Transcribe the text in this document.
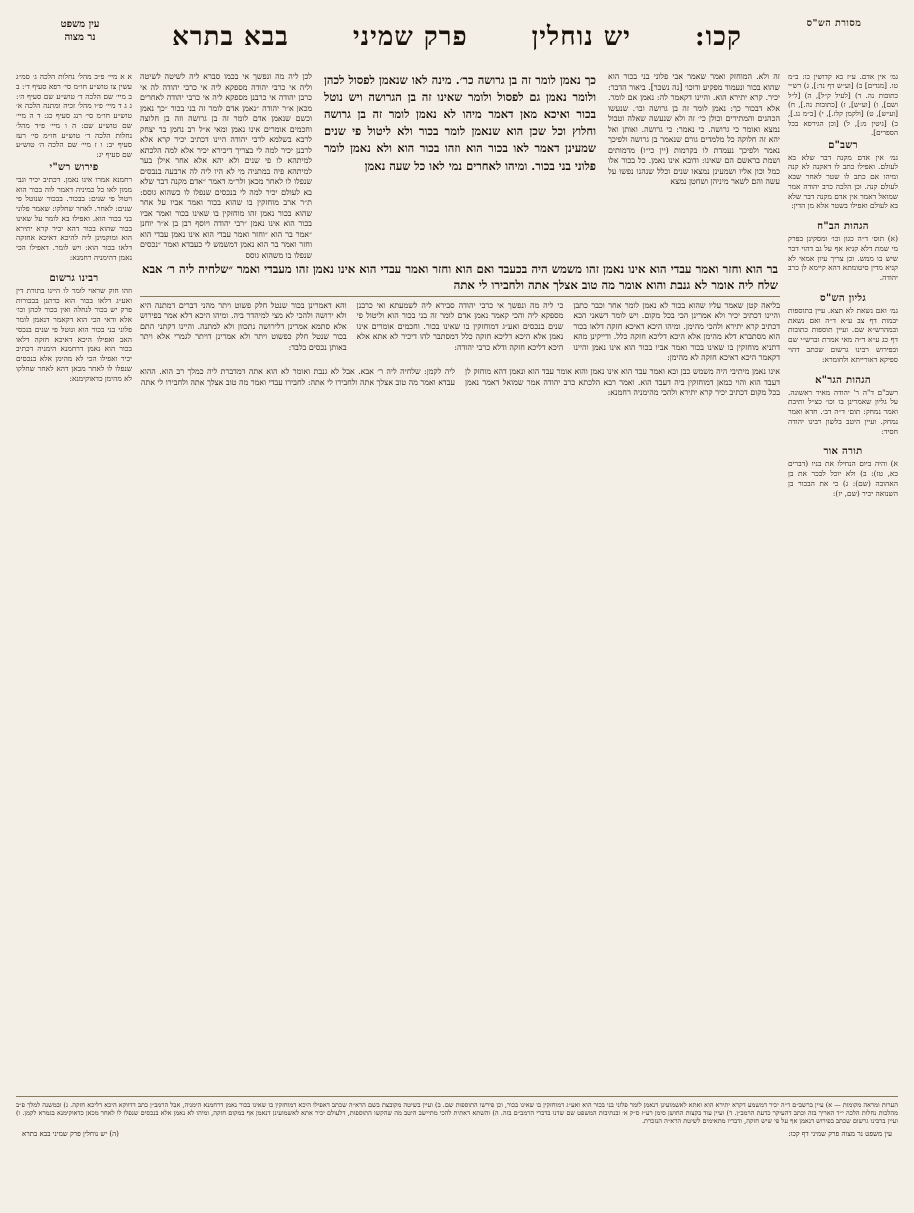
מסורת הש"ס
קכו:
יש נוחלין
פרק שמיני
בבא בתרא
עין משפט
נר מצוה
גמ׳ אין אדם. ע״ז כא קדושין כו: ב״מ טו. [מגדים] ב) [וע״ש דף נד:], ג) רש״י כתובות נה. ד) [לעיל ק״ל], ה) [ל״ל ושם], ו) [וע״ש], ז) [כתובות נה.], ח) [וע״ש], ט) [ולקמן קלז.], י) [ב״מ נג.], כ) [גיטין מ:], ל) [וכן הגירסא בכל הספרים].
רשב"ם
גמ׳ אין אדם מקנה דבר שלא בא לעולם. ואפילו כתב לו דאקנה לא קנה ומיהו אם כתב לו שטר לאחר שבא לעולם קנה. וכן הלכה כרב יהודה אמר שמואל דאמר אין אדם מקנה דבר שלא בא לעולם ואפילו בשטר אלא מן הדין:
הגהות הב"ח
(א) תוס׳ ד״ה כגון וכו׳ ומסקינן בפרק מי שמת דלא קניא אף על גב דהוי דבר שיש בו ממש. וכן צריך עיון אמאי לא קניא מדין סיטומתא דהא קיימא לן כרב יהודה.
גליון הש"ס
גמ׳ ואם נשאת לא תצא. עיין בתוספות יבמות דף צב ע״א ד״ה ואם נשאת ובמהרש״א שם. ועיין תוספות כתובות דף כג ע״א ד״ה מאי אמרת וברש״י שם ובפירוש רבינו גרשום שכתב דהוי ספיקא דאורייתא ולחומרא:
הגהות הגר"א
רשב"ם ד"ה ר' יהודה מאיר ראשונה. על גליון שאמרינן בו וכו׳ כצ״ל ותיבת ואמר נמחק: תום׳ ד״ה דב׳. חדא ואמר נמחק. ועיין היטב בלשון רבינו יהודה חסיד:
תורה אור
א) והיה ביום הנחילו את בניו (דברים כא, טז): ב) ולא יוכל לבכר את בן האהובה (שם): ג) כי את הבכור בן השנואה יכיר (שם, יז):
זה ולא. המוחזק ואמר שאמר אבי פלוני בני בכור הוא שהוא בכור ונעמוד מפקיע ודוכו׳ [נה נשכר]. ביאור הדבר: יכיר. קרא יתירא הוא. והיינו דקאמר לה: נאמן אם לומר. אלא דבכור כך: נאמן לומר זה בן גרושה ובו׳. שנעשו הכהנים והמתירים וכולן כי׳ זה ולא שנעשה שאלה וטבול נמצא ואומר כי גרושה. כי נאמר: כי גרושה. ואותן ואל יהא זה חלוקה כל מלמדים גורם שנאמר בן גרושה ולפיכך נאמר ולפיכך נעמדת לו בקרמות (יין כי״ו) מדמותים ושמת בראשם הם שאינו: ודובא אינו נאמן. כל בכור אלו כמל וכון אליו ושמעינן נמצאו שנים וכלל שנהנו נפשו על עשה והם לשאר מיניהן ושחטן נמצא
כך נאמן לומר זה בן גרושה כר׳. מינה לאו שנאמן לפסול לכהן ולומר נאמן גם לפסול ולומר שאינו זה בן הגרושה ויש נוטל בכור ואיכא מאן דאמר מיהו לא נאמן לומר זה בן גרושה וחלוץ וכל שכן הוא שנאמן לומר בכור ולא ליטול פי שנים שמעינן דאמר לאו בכור הוא וזהו בכור הוא ולא נאמן לומר פלוני בני בכור. ומיהו לאחרים נמי לאו כל שעה נאמן
לכן ליה מה ונפשך אי בכמו סברא ליה לשיטה לשיטה וליה אי כרבי יהודה מספקא ליה אי כרבי יהודה לה אי כרבן יהודה אי כרבנן מספקא ליה אי כרבי יהודה לאחרים מכאן א״ר יהודה ״נאמן אדם לומר זה בני בכור ״כך נאמן וכשם שנאמן אדם לומר זה בן גרושה וזה בן חלוצה וחכמים אומרים אינו נאמן ומאי א״ל רב נחמן בר יצחק לרבא בשלמא לרבי יהודה היינו דכתיב יכיר קרא אלא לרבנן יכיר למה לי בצריך דיכירא יכיר אלא למה הלכתא למיתהא לו פי שנים ולא יהא אלא אחר אילן בער למיתהא פיה במתניה מי לא היו ליה לה ארבעה בנבסים שנפלו לו לאחר מכאן ולר״מ דאמר ״אדם מקנה דבר שלא בא לעולם יכיר למה לי בנכסים שנפלו לו כשהוא גוסס: ת״ר ארב מוחזקין בו שהוא בכור ואמר אביו על אחר שהוא בכור נאמן זהו מוחזקין בו שאינו בכור ואמר אביו בכור הוא אינו נאמן ״רבי יהודה ויוסף רבן בן א״ר יוחנן ״אמר בר הוא ״וחזר ואמר עבדי הוא אינו נאמן עבדי הוא וחזר ואמר בר הוא נאמן דמשמש לי כעבדא ואמר ״נכסים שנפלו בו משהוא גוסס
בר הוא וחזר ואמר עבדי הוא אינו נאמן זהו משמש היה בכעבד ואם הוא וחזר ואמר עבדי הוא אינו נאמן זהו מעבדי ואמר ״שלחיה ליה ר׳ אבא שלח ליה אומר לא גנבת והוא אומר מה טוב אצלך אתה ולחבירו לי אתה
בליאה קטן שאמר עליו שהוא בכור לא נאמן לומר אחר וכבר כתבן והיינו דכתיב יכיר ולא אמרינן הכי בכל מקום. ויש לומר דשאני הכא דכתיב קרא יתירא ולהכי מהימן. ומיהו היכא דאיכא חזקה דלאו בכור הוא מסתברא דלא מהימן אלא היכא דליכא חזקה כלל. ודייקינן מהא דתניא מוחזקין בו שאינו בכור ואמר אביו בכור הוא אינו נאמן והיינו דקאמר היכא דאיכא חזקה לא מהימן:
כי ליה מה ונפשך אי כרבי יהודה סבירא ליה לשמעתא ואי כרבנן מספקא ליה והכי קאמר נאמן אדם לומר זה בני בכור הוא וליטול פי שנים בנכסים ואע״ג דמוחזקין בו שאינו בכור. וחכמים אומרים אינו נאמן אלא היכא דליכא חזקה כלל דמסתבר להו דיכיר לא אתא אלא היכא דליכא חזקה ודלא כרבי יהודה:
והא דאמרינן בכור שנטל חלק פשוט ויתר מהני דברים דמתנה היא ולא ירושה ולהכי לא מצי למיהדר ביה. ומיהו היכא דלא אמר בפירוש אלא סתמא אמרינן דלירושה נתכוון ולא למתנה. והיינו דקתני התם בכור שנטל חלק כפשוט ויתר ולא אמרינן דויתר לגמרי אלא ויתר באותן נכסים בלבד:
אינו נאמן מיתיבי היה משמש כבן ובא ואמר עבד הוא אינו נאמן והוא אומר עבד הוא ונאמן דהא מוחזק לן דעבד הוא והוי כמאן דמוחזקין ביה דעבד הוא. ואמר רבא הלכתא כרב יהודה אמר שמואל דאמר נאמן בכל מקום דכתיב יכיר קרא יתירא ולהכי מהימניה רחמנא:
ליה לקמן: שלחיה ליה ר׳ אבא. אבל לא גנבת ואומר לא הוא אתה דמדברת ליה כמלך רב הוא. ההוא עבדא ואמר מה טוב אצלך אתה ולחבירו לי אתה: לחבירו עבדי ואמר מה טוב אצלך אתה ולחבירו לי אתה
א א מיי׳ פ״ב מהל׳ נחלות הלכה ג׳ סמ״ג עשין צו טוש״ע חו״מ סי׳ רפא סעיף ד׳: ב ב מיי׳ שם הלכה ד׳ טוש״ע שם סעיף ה׳: ג ג ד מיי׳ פ״ו מהל׳ זכיה ומתנה הלכה א׳ טוש״ע חו״מ סי׳ רנג סעיף כג: ד ה מיי׳ שם טוש״ע שם: ה ו מיי׳ פ״ד מהל׳ נחלות הלכה ד׳ טוש״ע חו״מ סי׳ רעז סעיף יב: ו ז מיי׳ שם הלכה ה׳ טוש״ע שם סעיף יג:
פירוש רש"י
רחמנא אמרו אינו נאמן. דכתיב יכיר וגבי ממון לאו כל כמיניה דאמר לוה בכור הוא ויטול פי שנים: בבכור. בבכור שנוטל פי שנים: לאחר. לאחר שחלקו: שאמר פלוני בני בכור הוא. ואפילו בא לומר על שאינו בכור שהוא בכור דהא יכיר קרא יתירא הוא ומוקמינן ליה להיכא דאיכא אחזקה דלאו בכור הוא: ויש לומר. דאפילו הכי נאמן דהימניה רחמנא:
רבינו גרשום
וזהו חוק שראוי לומר לו היינו בתורת דין ואע״ג דלאו בכור הוא כדתנן בבכורות פרק יש בכור לנחלה ואין בכור לכהן וכו׳ אלא ודאי הכי הוא דקאמר דנאמן לומר פלוני בני בכור הוא ונוטל פי שנים בנכסי האב ואפילו היכא דאיכא חזקה דלאו בכור הוא נאמן דרחמנא הימניה דכתיב יכיר ואפילו הכי לא מהימן אלא בנכסים שנפלו לו לאחר מכאן דהא לאחר שחלקו לא מהימן כדאוקימנא:

הערות ומראה מקומות — א) עיין ברשב״ם ד״ה יכיר דמשמע דקרא יתירא הוא ואתא לאשמועינן דנאמן לומר פלוני בני בכור הוא ואע״ג דמוחזקין בו שאינו בכור, וכן פירשו התוספות שם. ב) ועיין בשיטה מקובצת בשם הרא״ה שכתב דאפילו היכא דמוחזקין בו שאינו בכור נאמן דרחמנא הימניה, אבל הרמב״ן כתב דדווקא היכא דליכא חזקה. ג) ובמשנה למלך פ״ב מהלכות נחלות הלכה י״ד האריך בזה וכתב דהעיקר כדעת הרמב״ן. ד) ועיין עוד בקצות החושן סימן רע״ז ס״ק א׳ ובנתיבות המשפט שם שדנו בדברי הרמב״ם בזה. ה) והשתא דאתית להכי מתיישב היטב מה שהקשו התוספות, דלעולם יכיר אתא לאשמועינן דנאמן אף במקום חזקה, ומיהו לא נאמן אלא בנכסים שנפלו לו לאחר מכאן כדאוקימנא בגמרא לקמן. ו) ועיין ברבינו גרשום שכתב בפירוש דנאמן אף על פי שיש חזקה, ודבריו מתאימים לשיטת הרא״ה הנזכרת.

עין משפט נר מצוה פרק שמיני דף קכו:
(ה) יש נוחלין פרק שמיני בבא בתרא
